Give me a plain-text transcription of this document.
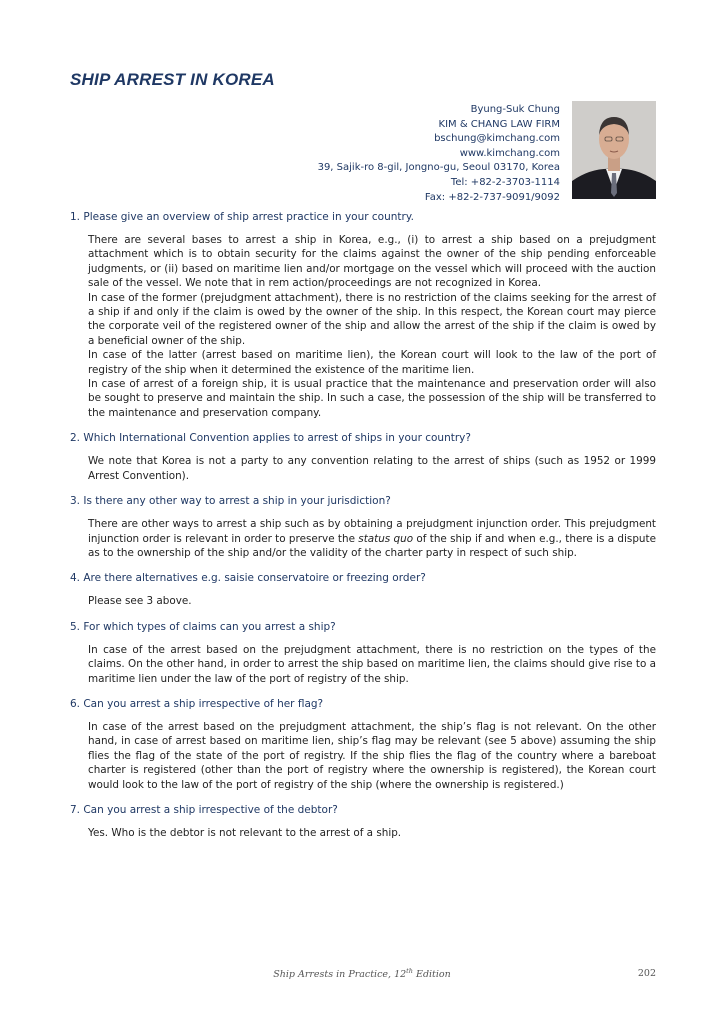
SHIP ARREST IN KOREA
Byung-Suk Chung
KIM & CHANG LAW FIRM
bschung@kimchang.com
www.kimchang.com
39, Sajik-ro 8-gil, Jongno-gu, Seoul 03170, Korea
Tel: +82-2-3703-1114
Fax: +82-2-737-9091/9092

1. Please give an overview of ship arrest practice in your country.

There are several bases to arrest a ship in Korea, e.g., (i) to arrest a ship based on a prejudgment attachment which is to obtain security for the claims against the owner of the ship pending enforceable judgments, or (ii) based on maritime lien and/or mortgage on the vessel which will proceed with the auction sale of the vessel. We note that in rem action/proceedings are not recognized in Korea.

In case of the former (prejudgment attachment), there is no restriction of the claims seeking for the arrest of a ship if and only if the claim is owed by the owner of the ship. In this respect, the Korean court may pierce the corporate veil of the registered owner of the ship and allow the arrest of the ship if the claim is owed by a beneficial owner of the ship.

In case of the latter (arrest based on maritime lien), the Korean court will look to the law of the port of registry of the ship when it determined the existence of the maritime lien.

In case of arrest of a foreign ship, it is usual practice that the maintenance and preservation order will also be sought to preserve and maintain the ship. In such a case, the possession of the ship will be transferred to the maintenance and preservation company.

2. Which International Convention applies to arrest of ships in your country?

We note that Korea is not a party to any convention relating to the arrest of ships (such as 1952 or 1999 Arrest Convention).

3. Is there any other way to arrest a ship in your jurisdiction?

There are other ways to arrest a ship such as by obtaining a prejudgment injunction order. This prejudgment injunction order is relevant in order to preserve the status quo of the ship if and when e.g., there is a dispute as to the ownership of the ship and/or the validity of the charter party in respect of such ship.

4. Are there alternatives e.g. saisie conservatoire or freezing order?

Please see 3 above.

5. For which types of claims can you arrest a ship?

In case of the arrest based on the prejudgment attachment, there is no restriction on the types of the claims. On the other hand, in order to arrest the ship based on maritime lien, the claims should give rise to a maritime lien under the law of the port of registry of the ship.

6. Can you arrest a ship irrespective of her flag?

In case of the arrest based on the prejudgment attachment, the ship’s flag is not relevant. On the other hand, in case of arrest based on maritime lien, ship’s flag may be relevant (see 5 above) assuming the ship flies the flag of the state of the port of registry. If the ship flies the flag of the country where a bareboat charter is registered (other than the port of registry where the ownership is registered), the Korean court would look to the law of the port of registry of the ship (where the ownership is registered.)

7. Can you arrest a ship irrespective of the debtor?

Yes. Who is the debtor is not relevant to the arrest of a ship.

Ship Arrests in Practice, 12th Edition	202
